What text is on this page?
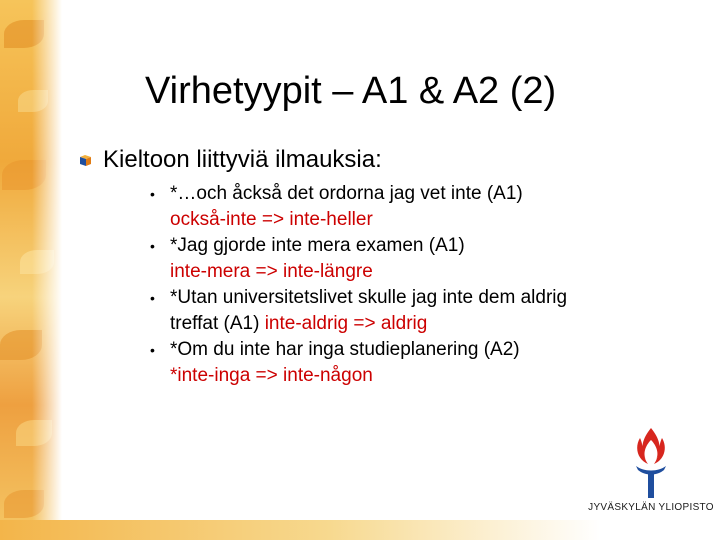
Virhetyypit – A1 & A2 (2)
Kieltoon liittyviä ilmauksia:
• *…och åckså det ordorna jag vet inte (A1)
också-inte => inte-heller
• *Jag gjorde inte mera examen (A1)
inte-mera => inte-längre
• *Utan universitetslivet skulle jag inte dem aldrig
treffat (A1) inte-aldrig => aldrig
• *Om du inte har inga studieplanering (A2)
*inte-inga => inte-någon
JYVÄSKYLÄN YLIOPISTO
